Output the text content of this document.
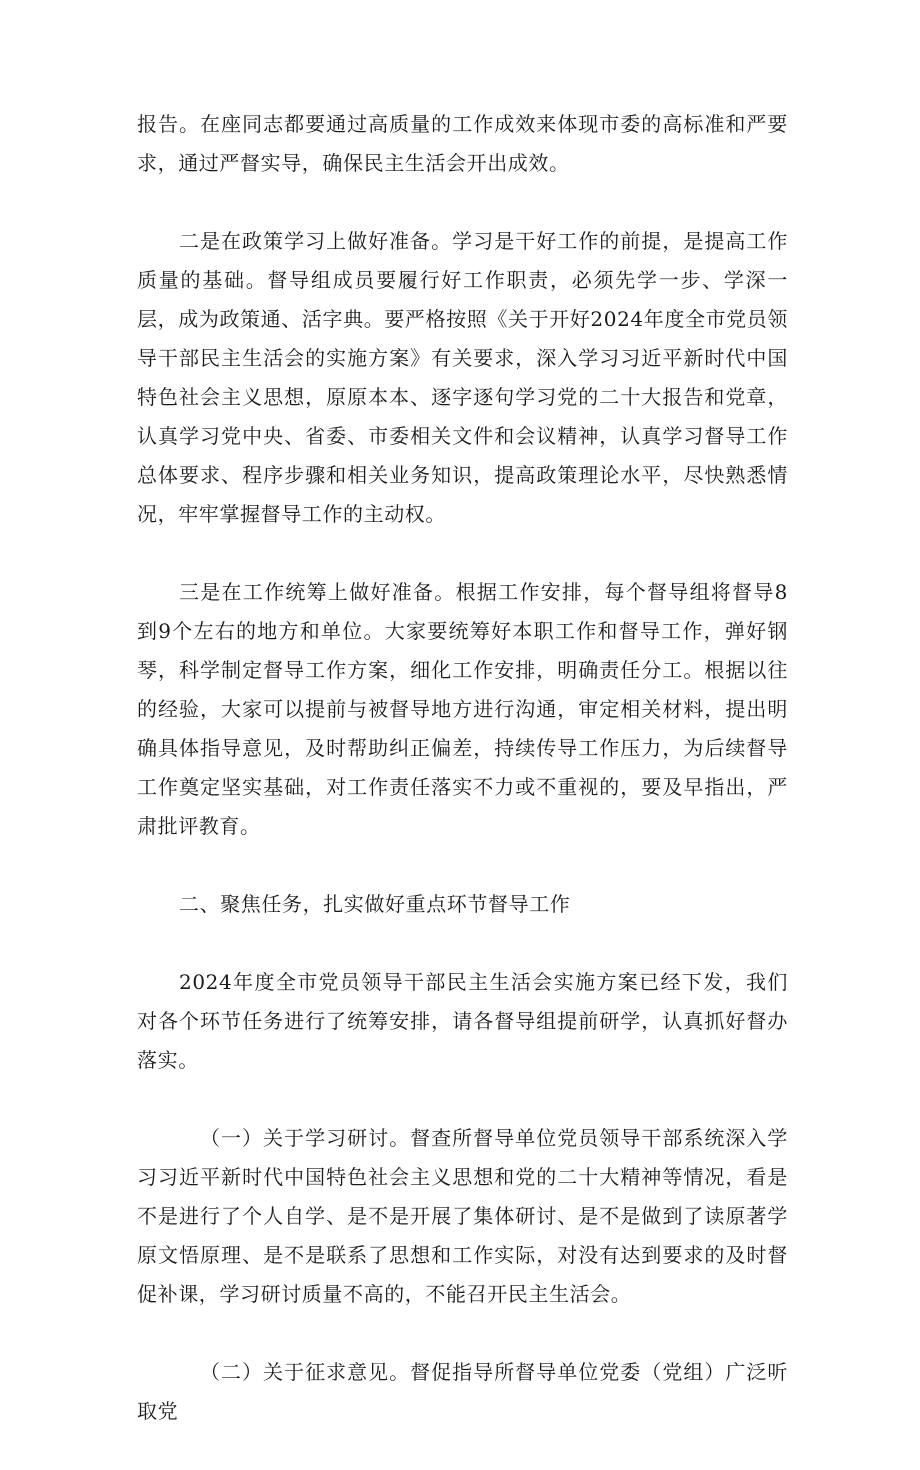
报告。在座同志都要通过高质量的工作成效来体现市委的高标准和严要求，通过严督实导，确保民主生活会开出成效。

二是在政策学习上做好准备。学习是干好工作的前提，是提高工作质量的基础。督导组成员要履行好工作职责，必须先学一步、学深一层，成为政策通、活字典。要严格按照《关于开好2024年度全市党员领导干部民主生活会的实施方案》有关要求，深入学习习近平新时代中国特色社会主义思想，原原本本、逐字逐句学习党的二十大报告和党章，认真学习党中央、省委、市委相关文件和会议精神，认真学习督导工作总体要求、程序步骤和相关业务知识，提高政策理论水平，尽快熟悉情况，牢牢掌握督导工作的主动权。

三是在工作统筹上做好准备。根据工作安排，每个督导组将督导8到9个左右的地方和单位。大家要统筹好本职工作和督导工作，弹好钢琴，科学制定督导工作方案，细化工作安排，明确责任分工。根据以往的经验，大家可以提前与被督导地方进行沟通，审定相关材料，提出明确具体指导意见，及时帮助纠正偏差，持续传导工作压力，为后续督导工作奠定坚实基础，对工作责任落实不力或不重视的，要及早指出，严肃批评教育。

二、聚焦任务，扎实做好重点环节督导工作

2024年度全市党员领导干部民主生活会实施方案已经下发，我们对各个环节任务进行了统筹安排，请各督导组提前研学，认真抓好督办落实。

（一）关于学习研讨。督查所督导单位党员领导干部系统深入学习习近平新时代中国特色社会主义思想和党的二十大精神等情况，看是不是进行了个人自学、是不是开展了集体研讨、是不是做到了读原著学原文悟原理、是不是联系了思想和工作实际，对没有达到要求的及时督促补课，学习研讨质量不高的，不能召开民主生活会。

（二）关于征求意见。督促指导所督导单位党委（党组）广泛听取党
